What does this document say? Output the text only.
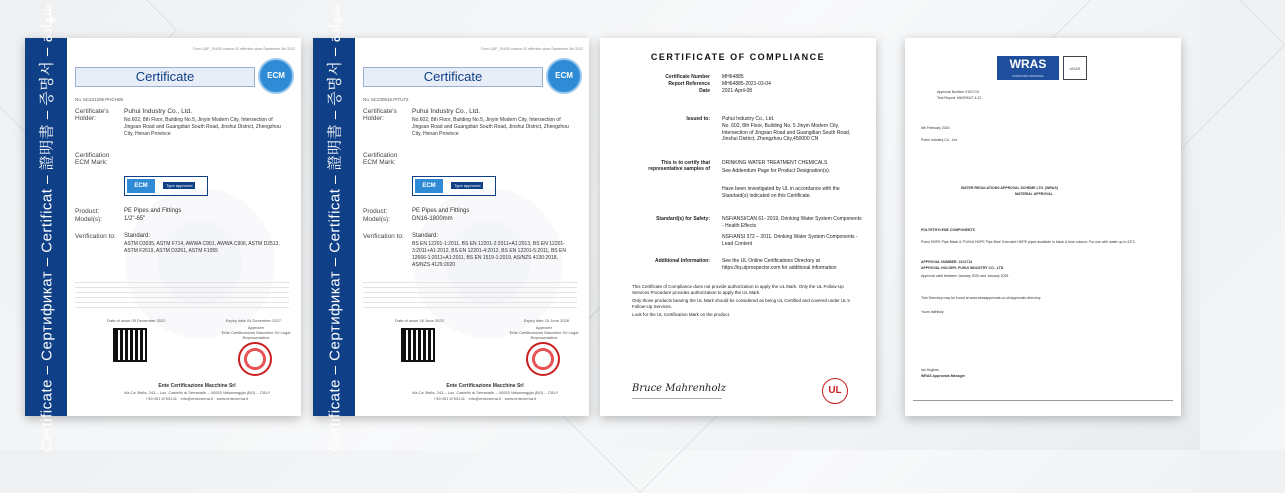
Certificate – Сертификат – Certificat – 證明書 – 증명서 – شهادة
Form QAF_104/05 version 02 effective since September 5th 2022
Certificate	ECM
No. 6C221205.PHCH08
Certificate's Holder:
Puhui Industry Co., Ltd.
No.602, 8th Floor, Building No.5, Jinyin Modern City, Intersection of Jingsan Road and Guangdian South Road, Jinshui District, Zhengzhou City, Henan Province
Certification ECM Mark:
ECM	Type approved
Product:	PE Pipes and Fittings
Model(s):	1/2"-65"
Verification to: Standard:
ASTM D3035, ASTM F714, AWWA C901, AWWA C906, ASTM D2513, ASTM F2619, ASTM D3261, ASTM F1055
Date of issue 05 December 2022	Expiry date 04 December 2027
Approver
Ente Certificazione Macchine Srl Legal Representative
Ente Certificazione Macchine Srl
Via Ca' Bella, 243 – Loc. Castello di Serravalle – 40053 Valsamoggia (BO) – ITALY
+39 051 6705141 · info@entecerma.it · www.entecerma.it	Certificate – Сертификат – Certificat – 證明書 – 증명서 – شهادة
Form QAF_104/05 version 02 effective since September 5th 2022
Certificate	ECM
No. 6C230615.PITU72
Certificate's Holder:
Puhui Industry Co., Ltd.
No.602, 8th Floor, Building No.5, Jinyin Modern City, Intersection of Jingsan Road and Guangdian South Road, Jinshui District, Zhengzhou City, Henan Province
Certification ECM Mark:
ECM	Type approved
Product:	PE Pipes and Fittings
Model(s):	DN16-1800mm
Verification to: Standard:
BS EN 12201-1:2011, BS EN 12201-2:2011+A1:2013, BS EN 12201-3:2011+A1:2012, BS EN 12201-4:2012, BS EN 12201-5:2011, BS EN 12666-1:2011+A1:2011, BS EN 1519-1:2019, AS/NZS 4130:2018, AS/NZS 4129:2020
Date of issue 16 June 2023	Expiry date 15 June 2028
Approver
Ente Certificazione Macchine Srl Legal Representative
Ente Certificazione Macchine Srl
Via Ca' Bella, 243 – Loc. Castello di Serravalle – 40053 Valsamoggia (BO) – ITALY
+39 051 6705141 · info@entecerma.it · www.entecerma.it
CERTIFICATE OF COMPLIANCE
Certificate Number MH64885
Report Reference MH64885-2021-03-04
Date 2021-April-08
Issued to: Puhui Industry Co., Ltd.
No. 602, 8th Floor, Building No. 5 Jinyin Modern City, Intersection of Jingsan Road and Guangdian South Road, Jinshui District, Zhengzhou City,450000 CN
This is to certify that representative samples of
DRINKING WATER TREATMENT CHEMICALS
See Addendum Page for Product Designation(s).
Have been investigated by UL in accordance with the Standard(s) indicated on this Certificate.
Standard(s) for Safety: NSF/ANSI/CAN 61- 2019, Drinking Water System Components - Health Effects
NSF/ANSI 372 – 2011, Drinking Water System Components - Lead Content
Additional Information: See the UL Online Certifications Directory at https://iq.ulprospector.com for additional information
This Certificate of Compliance does not provide authorization to apply the UL Mark. Only the UL Follow-Up Services Procedure provides authorization to apply the UL Mark.
Only those products bearing the UL Mark should be considered as being UL Certified and covered under UL's Follow-Up Services.
Look for the UL Certification Mark on the product.
Bruce Mahrenholz	UL
WRAS
APPROVED MATERIAL
UKAS
Approval Number 2101713
Test Report: MA/R/KUT 4.22
5th February 2020
Puhui Industry Co., Ltd.
WATER REGULATIONS APPROVAL SCHEME LTD. (WRAS)
MATERIAL APPROVAL
POLYETHYLENE COMPONENTS
Puhui HDPE Pipe Black & 'PUHUI HDPE Pipe Blue' Extruded HDPE pipes available in black & blue colours. For use with water up to 23°C.
APPROVAL NUMBER: 2101713
APPROVAL HOLDER: PUHUI INDUSTRY CO., LTD.
Approval valid between January 2020 and January 2025
This Directory may be found at www.wrasapprovals.co.uk/approvals-directory
Yours faithfully
Ian Hughes
WRAS Approvals Manager
